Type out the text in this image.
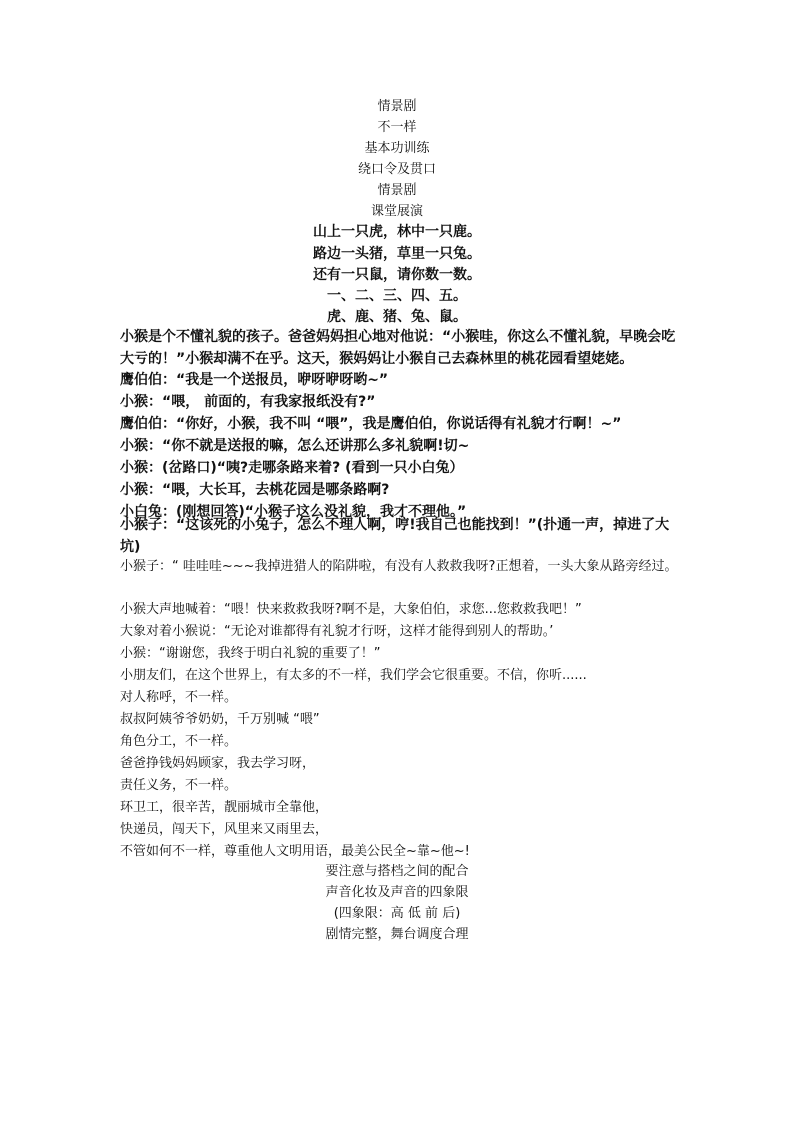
情景剧

不一样

基本功训练

绕口令及贯口

情景剧

课堂展演

山上一只虎，林中一只鹿。

路边一头猪，草里一只兔。

还有一只鼠，请你数一数。

一、二、三、四、五。

虎、鹿、猪、兔、鼠。

小猴是个不懂礼貌的孩子。爸爸妈妈担心地对他说：“小猴哇，你这么不懂礼貌，早晚会吃大亏的！”小猴却满不在乎。这天，猴妈妈让小猴自己去森林里的桃花园看望姥姥。

鹰伯伯：“我是一个送报员，咿呀咿呀哟~”

小猴：“喂， 前面的，有我家报纸没有?”

鹰伯伯：“你好，小猴，我不叫 “喂”，我是鹰伯伯，你说话得有礼貌才行啊！~”

小猴：“你不就是送报的嘛，怎么还讲那么多礼貌啊!切~

小猴：(岔路口)“咦?走哪条路来着? (看到一只小白兔）

小猴：“喂，大长耳，去桃花园是哪条路啊?

小白兔：(刚想回答)“小猴子这么没礼貌，我才不理他。”

小猴子：“这该死的小兔子，怎么不理人啊，哼!我自己也能找到！”(扑通一声，掉进了大坑)

小猴子：“ 哇哇哇~~~我掉进猎人的陷阱啦，有没有人救救我呀?正想着，一头大象从路旁经过。

小猴大声地喊着：“喂！快来救救我呀?啊不是，大象伯伯，求您...您救救我吧！”

大象对着小猴说：“无论对谁都得有礼貌才行呀，这样才能得到别人的帮助。’

小猴：“谢谢您，我终于明白礼貌的重要了！”

小朋友们，在这个世界上，有太多的不一样，我们学会它很重要。不信，你听......

对人称呼，不一样。

叔叔阿姨爷爷奶奶，千万别喊 “喂”

角色分工，不一样。

爸爸挣钱妈妈顾家，我去学习呀，

责任义务，不一样。

环卫工，很辛苦，靓丽城市全靠他，

快递员，闯天下，风里来又雨里去，

不管如何不一样，尊重他人文明用语，最美公民全~靠~他~!

要注意与搭档之间的配合

声音化妆及声音的四象限

(四象限：高 低 前 后)

剧情完整，舞台调度合理
